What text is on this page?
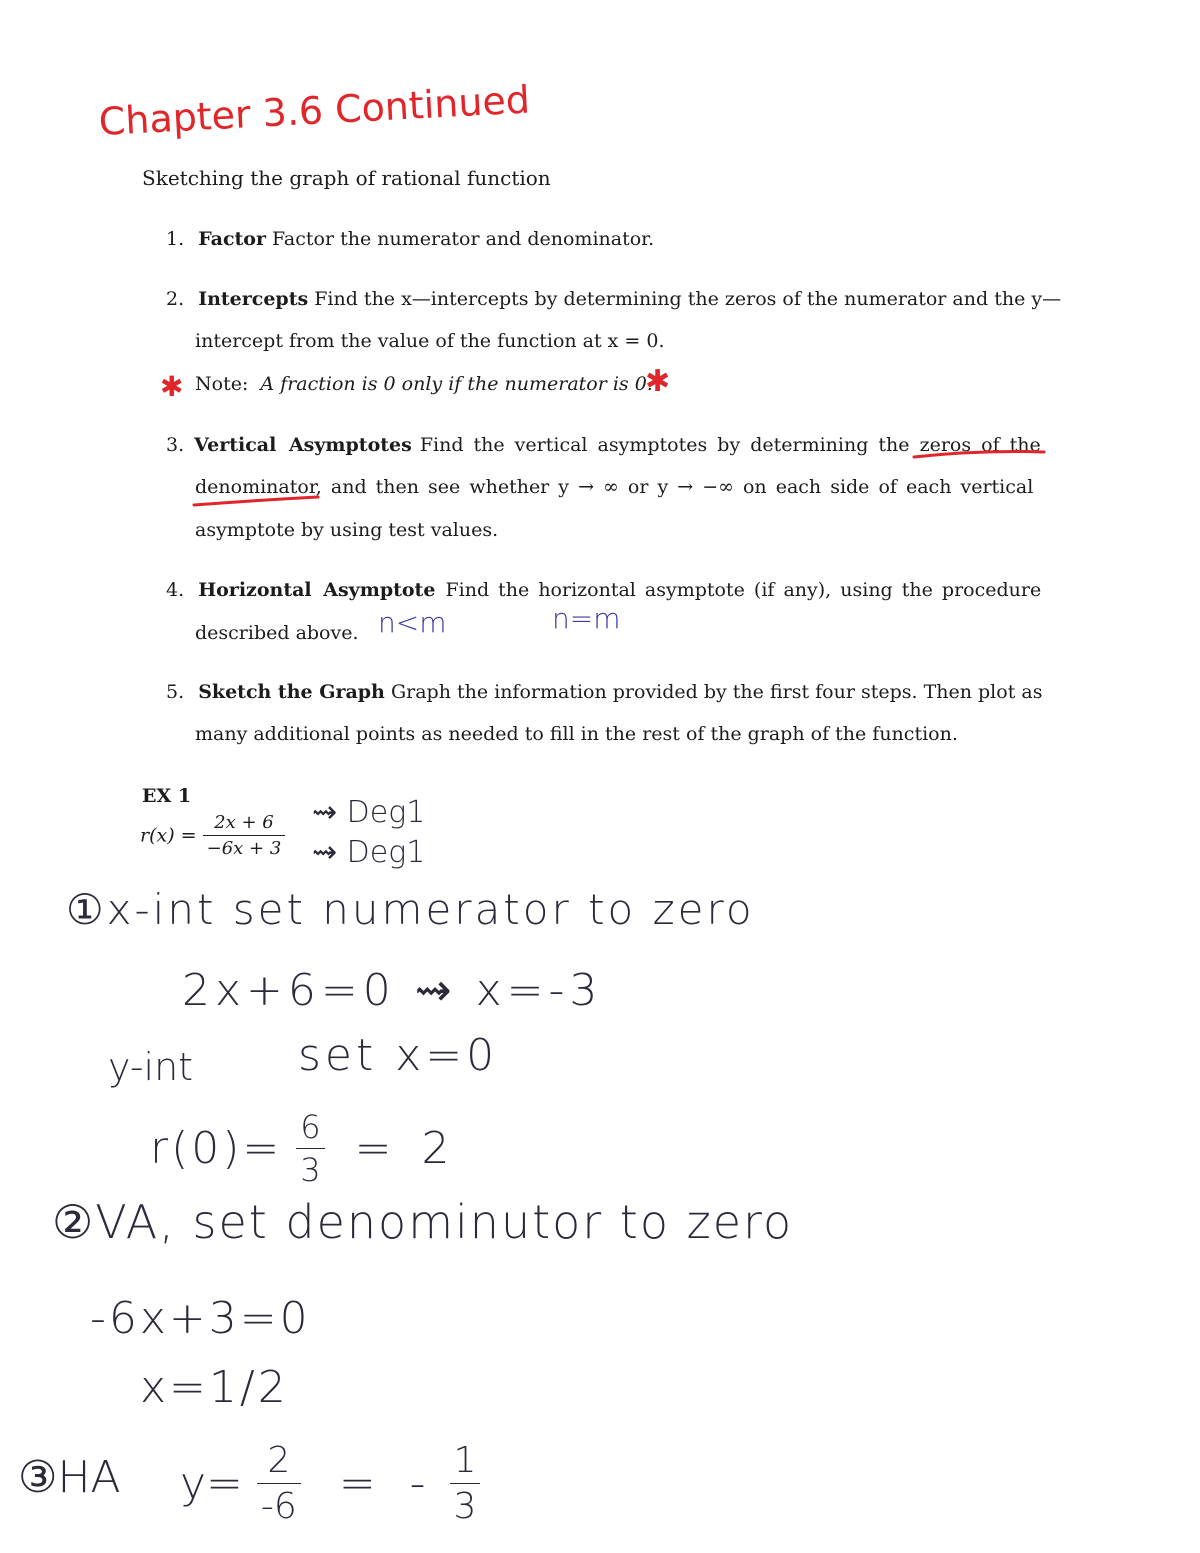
Chapter 3.6 Continued
Sketching the graph of rational function
1. Factor Factor the numerator and denominator.
2. Intercepts Find the x—intercepts by determining the zeros of the numerator and the y—
intercept from the value of the function at x = 0.
Note: A fraction is 0 only if the numerator is 0.
✱	✱
3. Vertical Asymptotes Find the vertical asymptotes by determining the zeros of the
denominator, and then see whether y → ∞ or y → −∞ on each side of each vertical
asymptote by using test values.
4. Horizontal Asymptote Find the horizontal asymptote (if any), using the procedure
described above. n<m	n=m
5. Sketch the Graph Graph the information provided by the first four steps. Then plot as
many additional points as needed to fill in the rest of the graph of the function.
EX 1
$r(x) = \frac{2x + 6}{-6x + 3}$ ⇝ Deg1
⇝ Deg1
①x-int set numerator to zero
2x+6=0 ⇝ x=-3
y-int set x=0
$r(0)= \frac{6}{3} = 2$
②VA, set denominutor to zero
-6x+3=0
x=1/2
③HA $y= \frac{2}{-6}$ = - $\frac{1}{3}$
